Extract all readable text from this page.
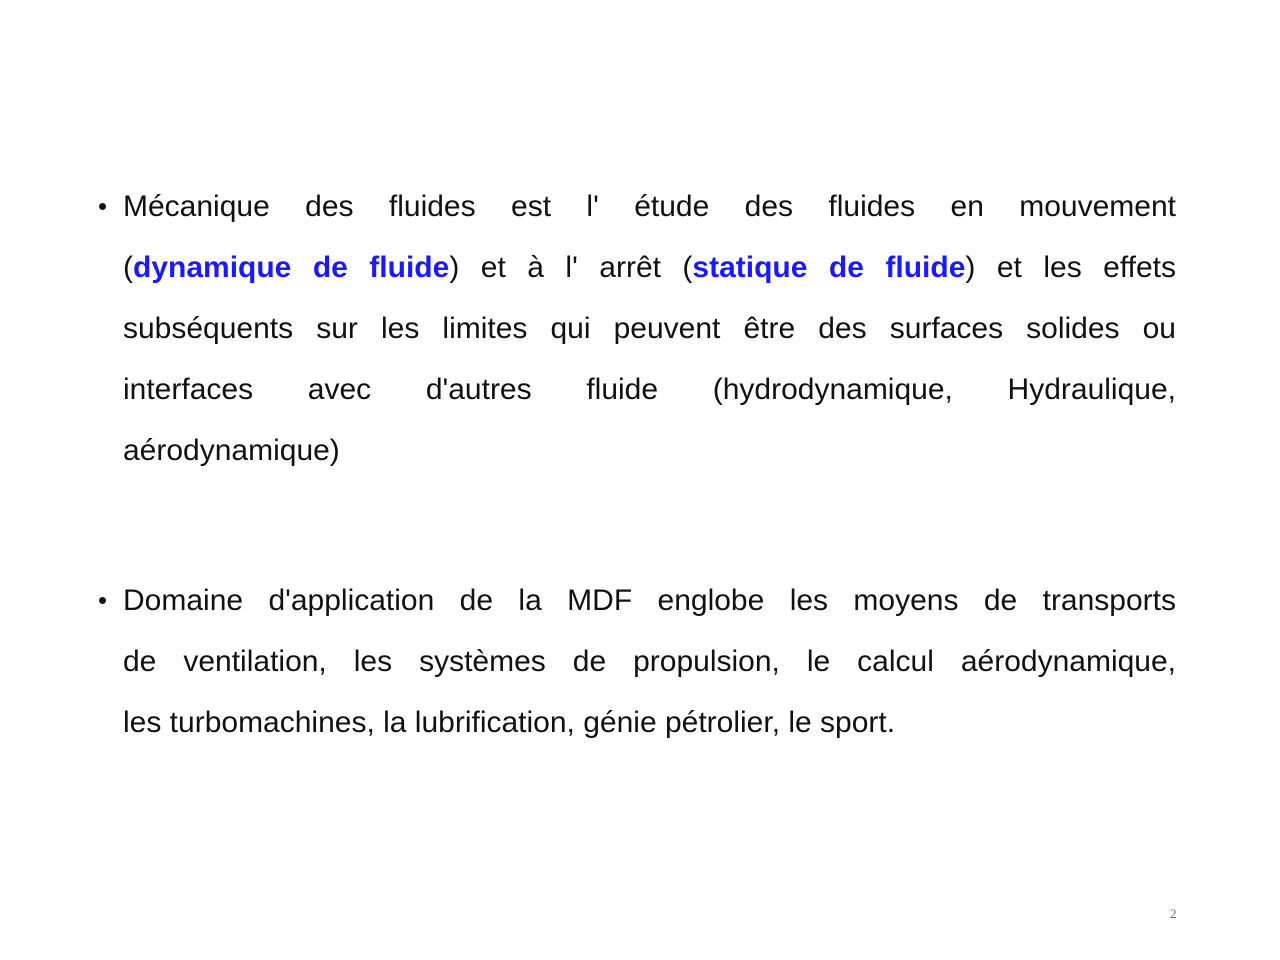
• Mécanique des fluides est l' étude des fluides en mouvement
(dynamique de fluide) et à l' arrêt (statique de fluide) et les effets
subséquents sur les limites qui peuvent être des surfaces solides ou
interfaces avec d'autres fluide (hydrodynamique, Hydraulique,
aérodynamique)
• Domaine d'application de la MDF englobe les moyens de transports
de ventilation, les systèmes de propulsion, le calcul aérodynamique,
les turbomachines, la lubrification, génie pétrolier, le sport.
2
